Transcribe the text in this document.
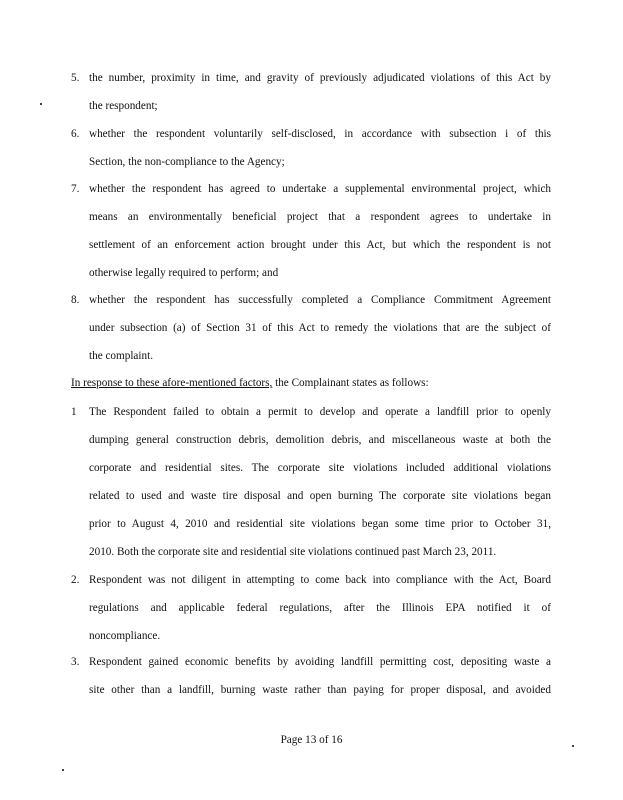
5. the number, proximity in time, and gravity of previously adjudicated violations of this Act by
the respondent;
6. whether the respondent voluntarily self-disclosed, in accordance with subsection i of this
Section, the non-compliance to the Agency;
7. whether the respondent has agreed to undertake a supplemental environmental project, which
means an environmentally beneficial project that a respondent agrees to undertake in
settlement of an enforcement action brought under this Act, but which the respondent is not
otherwise legally required to perform; and
8. whether the respondent has successfully completed a Compliance Commitment Agreement
under subsection (a) of Section 31 of this Act to remedy the violations that are the subject of
the complaint.
In response to these afore-mentioned factors, the Complainant states as follows:
1	The Respondent failed to obtain a permit to develop and operate a landfill prior to openly
dumping general construction debris, demolition debris, and miscellaneous waste at both the
corporate and residential sites. The corporate site violations included additional violations
related to used and waste tire disposal and open burning The corporate site violations began
prior to August 4, 2010 and residential site violations began some time prior to October 31,
2010. Both the corporate site and residential site violations continued past March 23, 2011.
2. Respondent was not diligent in attempting to come back into compliance with the Act, Board
regulations and applicable federal regulations, after the Illinois EPA notified it of
noncompliance.
3. Respondent gained economic benefits by avoiding landfill permitting cost, depositing waste a
site other than a landfill, burning waste rather than paying for proper disposal, and avoided
Page 13 of 16
